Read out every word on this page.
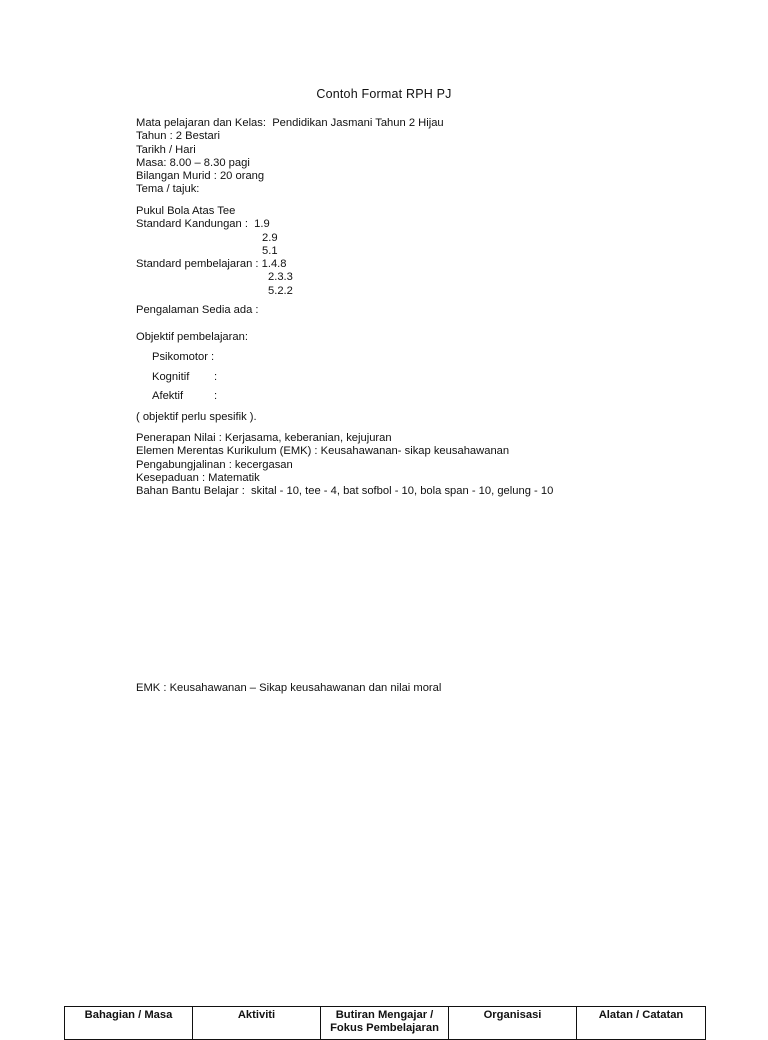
Contoh Format RPH PJ
Mata pelajaran dan Kelas:  Pendidikan Jasmani Tahun 2 Hijau
Tahun : 2 Bestari
Tarikh / Hari
Masa: 8.00 – 8.30 pagi
Bilangan Murid : 20 orang
Tema / tajuk:
Pukul Bola Atas Tee
Standard Kandungan :  1.9
2.9
5.1
Standard pembelajaran : 1.4.8
2.3.3
5.2.2
Pengalaman Sedia ada :
Objektif pembelajaran:
Psikomotor :
Kognitif :
Afektif	:
( objektif perlu spesifik ).
Penerapan Nilai : Kerjasama, keberanian, kejujuran
Elemen Merentas Kurikulum (EMK) : Keusahawanan- sikap keusahawanan
Pengabungjalinan : kecergasan
Kesepaduan : Matematik
Bahan Bantu Belajar :  skital - 10, tee - 4, bat sofbol - 10, bola span - 10, gelung - 10
EMK : Keusahawanan – Sikap keusahawanan dan nilai moral
Bahagian / Masa	Aktiviti	Butiran Mengajar / Fokus Pembelajaran	Organisasi	Alatan / Catatan
